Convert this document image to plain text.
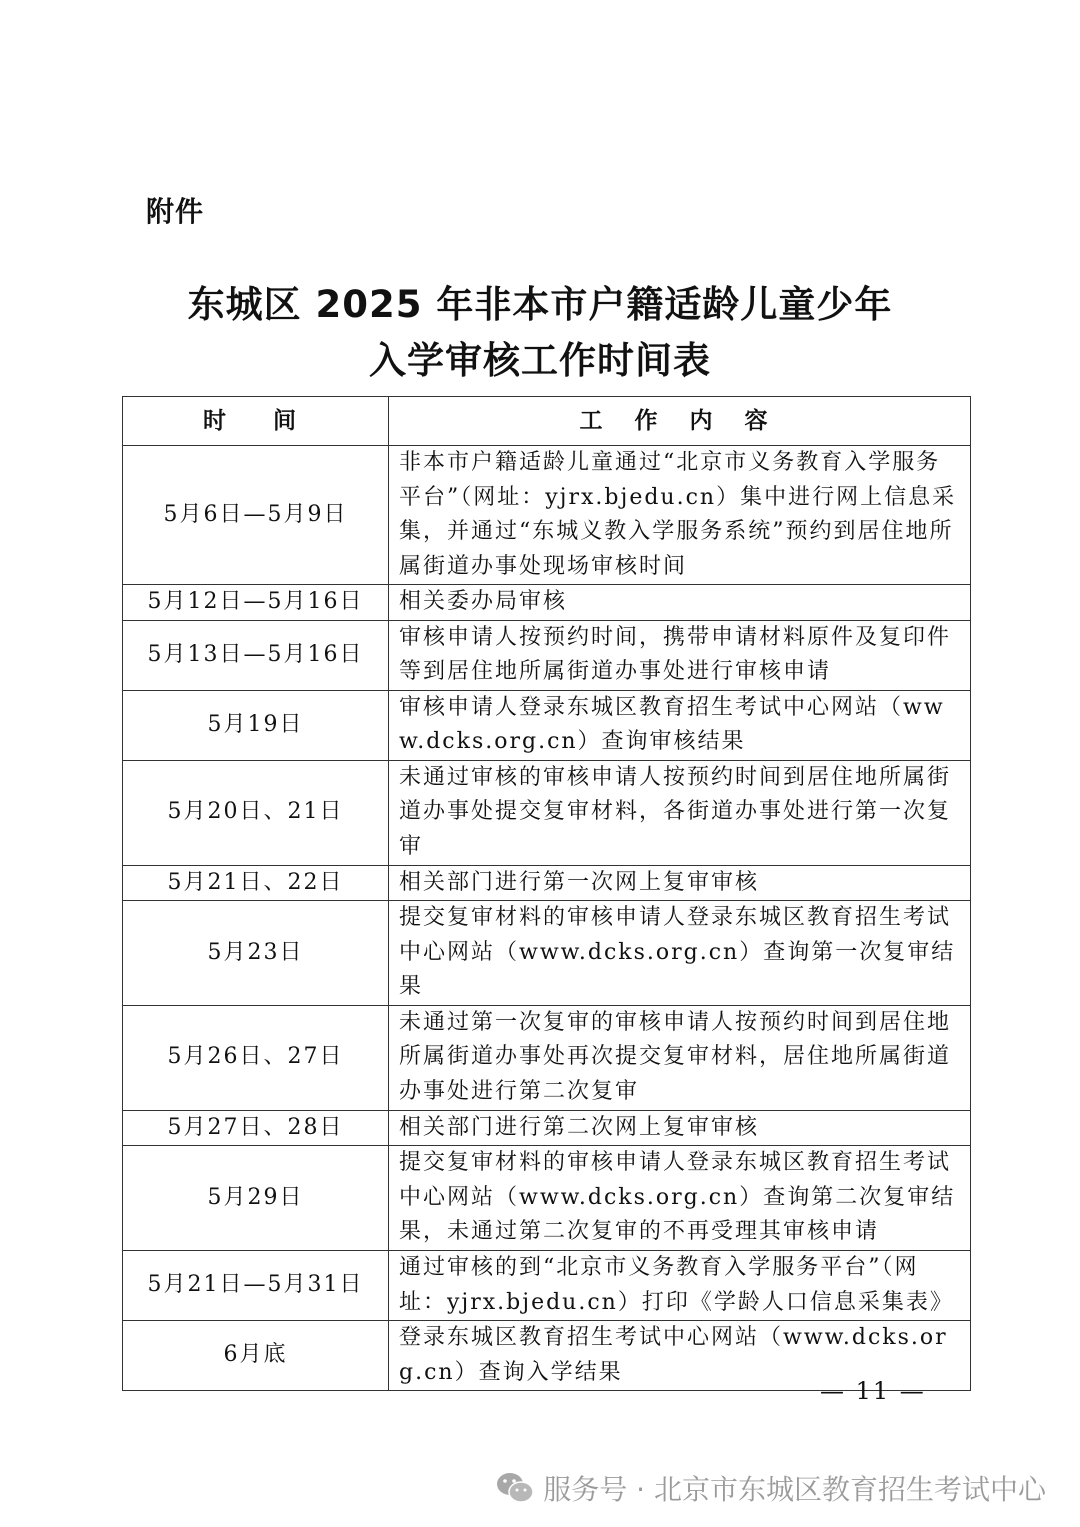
附件
东城区 2025 年非本市户籍适龄儿童少年
入学审核工作时间表
时　间	工 作 内 容
5月6日—5月9日	非本市户籍适龄儿童通过“北京市义务教育入学服务平台”（网址：yjrx.bjedu.cn）集中进行网上信息采集，并通过“东城义教入学服务系统”预约到居住地所属街道办事处现场审核时间
5月12日—5月16日	相关委办局审核
5月13日—5月16日	审核申请人按预约时间，携带申请材料原件及复印件等到居住地所属街道办事处进行审核申请
5月19日	审核申请人登录东城区教育招生考试中心网站（www.dcks.org.cn）查询审核结果
5月20日、21日	未通过审核的审核申请人按预约时间到居住地所属街道办事处提交复审材料，各街道办事处进行第一次复审
5月21日、22日	相关部门进行第一次网上复审审核
5月23日	提交复审材料的审核申请人登录东城区教育招生考试中心网站（www.dcks.org.cn）查询第一次复审结果
5月26日、27日	未通过第一次复审的审核申请人按预约时间到居住地所属街道办事处再次提交复审材料，居住地所属街道办事处进行第二次复审
5月27日、28日	相关部门进行第二次网上复审审核
5月29日	提交复审材料的审核申请人登录东城区教育招生考试中心网站（www.dcks.org.cn）查询第二次复审结果，未通过第二次复审的不再受理其审核申请
5月21日—5月31日	通过审核的到“北京市义务教育入学服务平台”（网址：yjrx.bjedu.cn）打印《学龄人口信息采集表》
6月底	登录东城区教育招生考试中心网站（www.dcks.org.cn）查询入学结果
— 11 —
服务号 · 北京市东城区教育招生考试中心
